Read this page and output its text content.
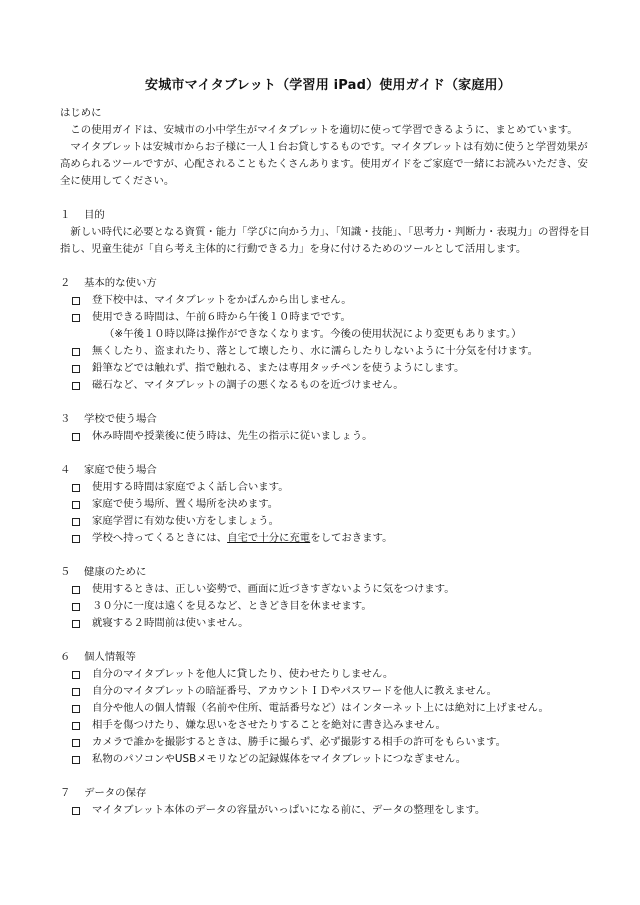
安城市マイタブレット（学習用 iPad）使用ガイド（家庭用）

はじめに

この使用ガイドは、安城市の小中学生がマイタブレットを適切に使って学習できるように、まとめています。

マイタブレットは安城市からお子様に一人１台お貸しするものです。マイタブレットは有効に使うと学習効果が高められるツールですが、心配されることもたくさんあります。使用ガイドをご家庭で一緒にお読みいただき、安全に使用してください。

１	目的

新しい時代に必要となる資質・能力「学びに向かう力」、「知識・技能」、「思考力・判断力・表現力」の習得を目指し、児童生徒が「自ら考え主体的に行動できる力」を身に付けるためのツールとして活用します。

２	基本的な使い方

登下校中は、マイタブレットをかばんから出しません。
使用できる時間は、午前６時から午後１０時までです。

（※午後１０時以降は操作ができなくなります。今後の使用状況により変更もあります。）

無くしたり、盗まれたり、落として壊したり、水に濡らしたりしないように十分気を付けます。
鉛筆などでは触れず、指で触れる、または専用タッチペンを使うようにします。
磁石など、マイタブレットの調子の悪くなるものを近づけません。

３	学校で使う場合

休み時間や授業後に使う時は、先生の指示に従いましょう。

４	家庭で使う場合

使用する時間は家庭でよく話し合います。
家庭で使う場所、置く場所を決めます。
家庭学習に有効な使い方をしましょう。
学校へ持ってくるときには、自宅で十分に充電をしておきます。

５	健康のために

使用するときは、正しい姿勢で、画面に近づきすぎないように気をつけます。
３０分に一度は遠くを見るなど、ときどき目を休ませます。
就寝する２時間前は使いません。

６	個人情報等

自分のマイタブレットを他人に貸したり、使わせたりしません。
自分のマイタブレットの暗証番号、アカウントＩＤやパスワードを他人に教えません。
自分や他人の個人情報（名前や住所、電話番号など）はインターネット上には絶対に上げません。
相手を傷つけたり、嫌な思いをさせたりすることを絶対に書き込みません。
カメラで誰かを撮影するときは、勝手に撮らず、必ず撮影する相手の許可をもらいます。
私物のパソコンやUSBメモリなどの記録媒体をマイタブレットにつなぎません。

７	データの保存

マイタブレット本体のデータの容量がいっぱいになる前に、データの整理をします。
